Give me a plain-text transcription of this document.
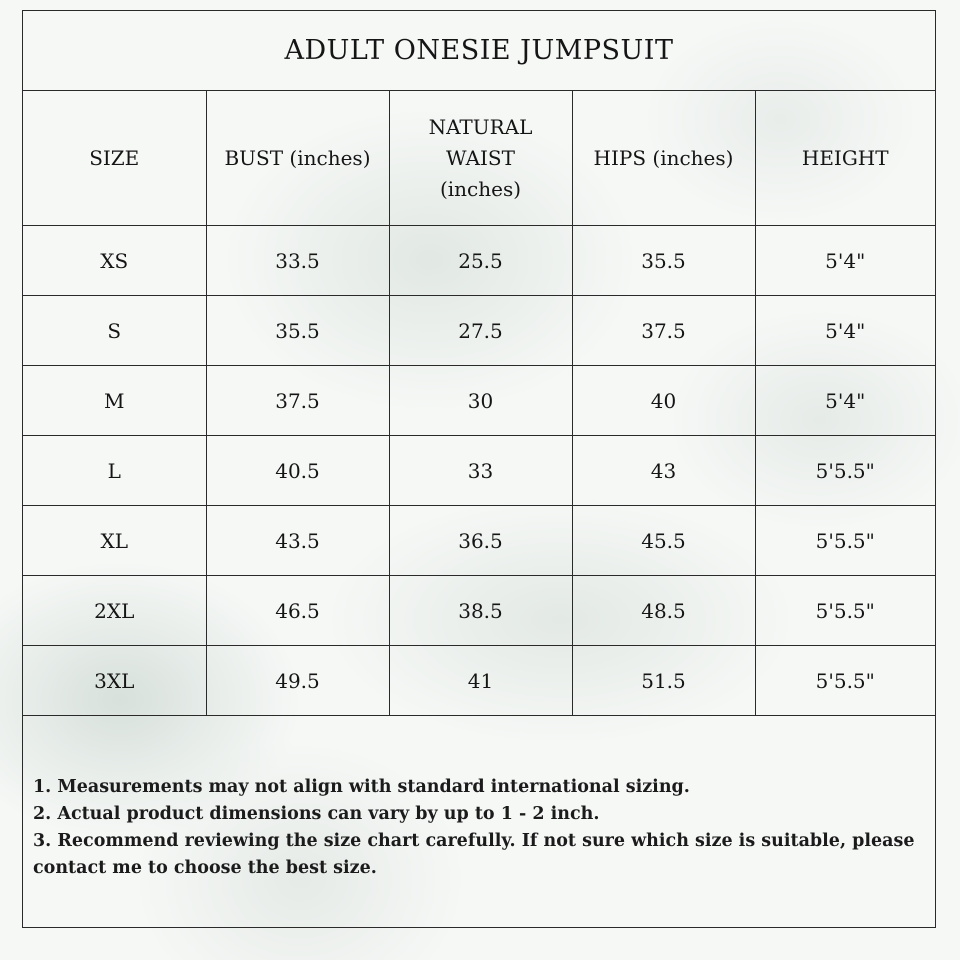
ADULT ONESIE JUMPSUIT
SIZE	BUST (inches)	NATURAL WAIST (inches)	HIPS (inches)	HEIGHT
XS	33.5	25.5	35.5	5'4"
S	35.5	27.5	37.5	5'4"
M	37.5	30	40	5'4"
L	40.5	33	43	5'5.5"
XL	43.5	36.5	45.5	5'5.5"
2XL	46.5	38.5	48.5	5'5.5"
3XL	49.5	41	51.5	5'5.5"
1. Measurements may not align with standard international sizing.
2. Actual product dimensions can vary by up to 1 - 2 inch.
3. Recommend reviewing the size chart carefully. If not sure which size is suitable, please contact me to choose the best size.
